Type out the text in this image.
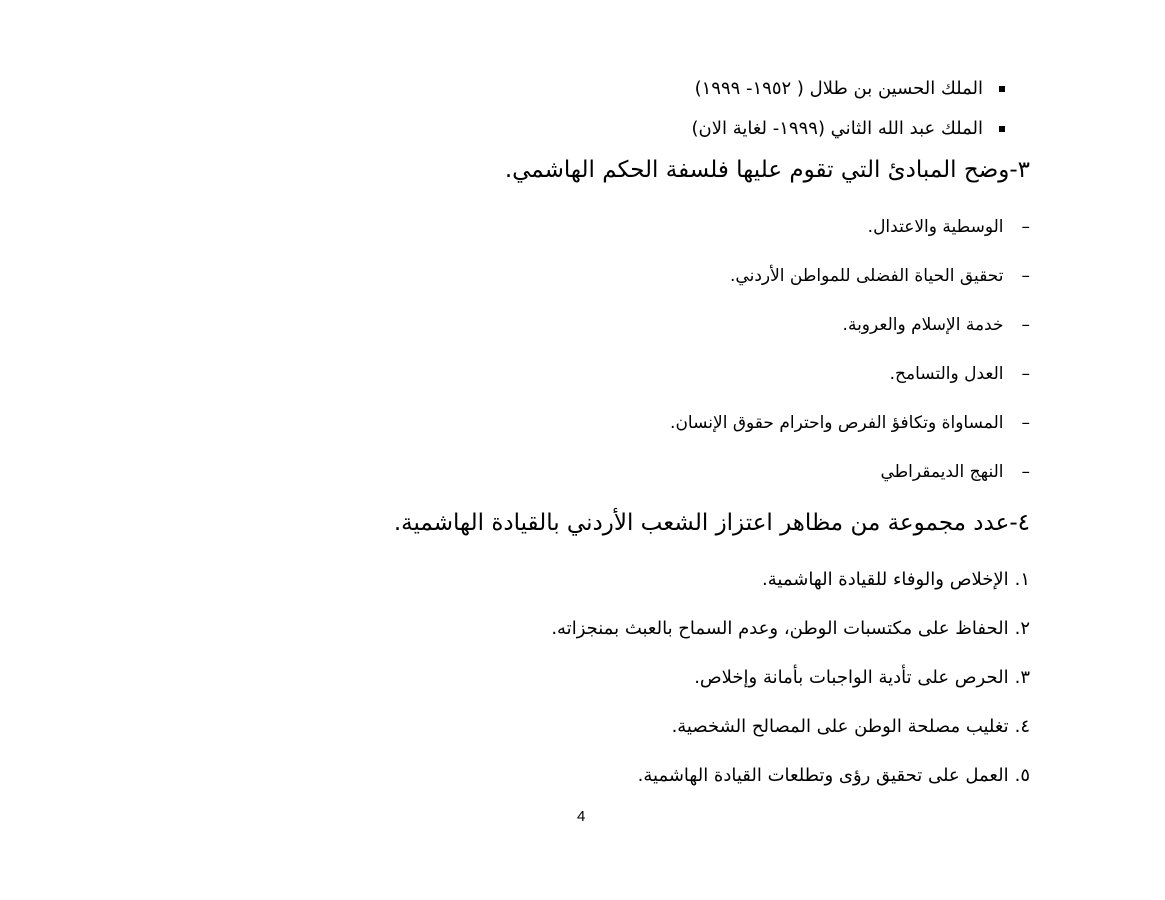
الملك الحسين بن طلال ( ١٩٥٢- ١٩٩٩)
الملك عبد الله الثاني (١٩٩٩- لغاية الان)
٣-وضح المبادئ التي تقوم عليها فلسفة الحكم الهاشمي.
–الوسطية والاعتدال.
–تحقيق الحياة الفضلى للمواطن الأردني.
–خدمة الإسلام والعروبة.
–العدل والتسامح.
–المساواة وتكافؤ الفرص واحترام حقوق الإنسان.
–النهج الديمقراطي
٤-عدد مجموعة من مظاهر اعتزاز الشعب الأردني بالقيادة الهاشمية.
١.الإخلاص والوفاء للقيادة الهاشمية.
٢.الحفاظ على مكتسبات الوطن، وعدم السماح بالعبث بمنجزاته.
٣.الحرص على تأدية الواجبات بأمانة وإخلاص.
٤.تغليب مصلحة الوطن على المصالح الشخصية.
٥.العمل على تحقيق رؤى وتطلعات القيادة الهاشمية.
4
